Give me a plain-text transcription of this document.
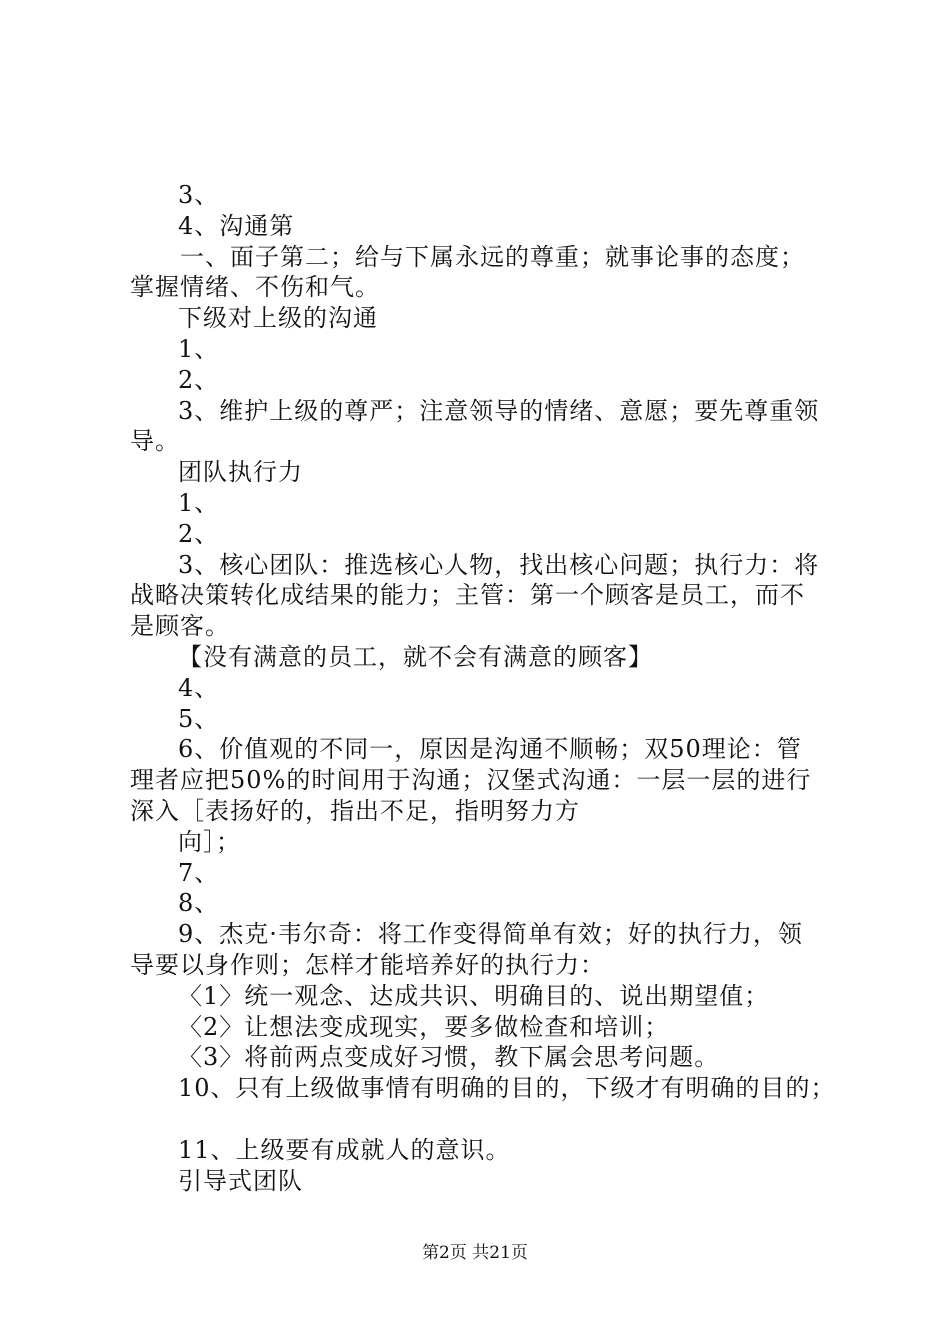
3、
4、沟通第
一、面子第二；给与下属永远的尊重；就事论事的态度；
掌握情绪、不伤和气。
下级对上级的沟通
1、
2、
3、维护上级的尊严；注意领导的情绪、意愿；要先尊重领
导。
团队执行力
1、
2、
3、核心团队：推选核心人物，找出核心问题；执行力：将
战略决策转化成结果的能力；主管：第一个顾客是员工，而不
是顾客。
【没有满意的员工，就不会有满意的顾客】
4、
5、
6、价值观的不同一，原因是沟通不顺畅；双50理论：管
理者应把50%的时间用于沟通；汉堡式沟通：一层一层的进行
深入［表扬好的，指出不足，指明努力方
向］；
7、
8、
9、杰克·韦尔奇：将工作变得简单有效；好的执行力，领
导要以身作则；怎样才能培养好的执行力：
〈1〉统一观念、达成共识、明确目的、说出期望值；
〈2〉让想法变成现实，要多做检查和培训；
〈3〉将前两点变成好习惯，教下属会思考问题。
10、只有上级做事情有明确的目的，下级才有明确的目的；
11、上级要有成就人的意识。
引导式团队
第2页 共21页
